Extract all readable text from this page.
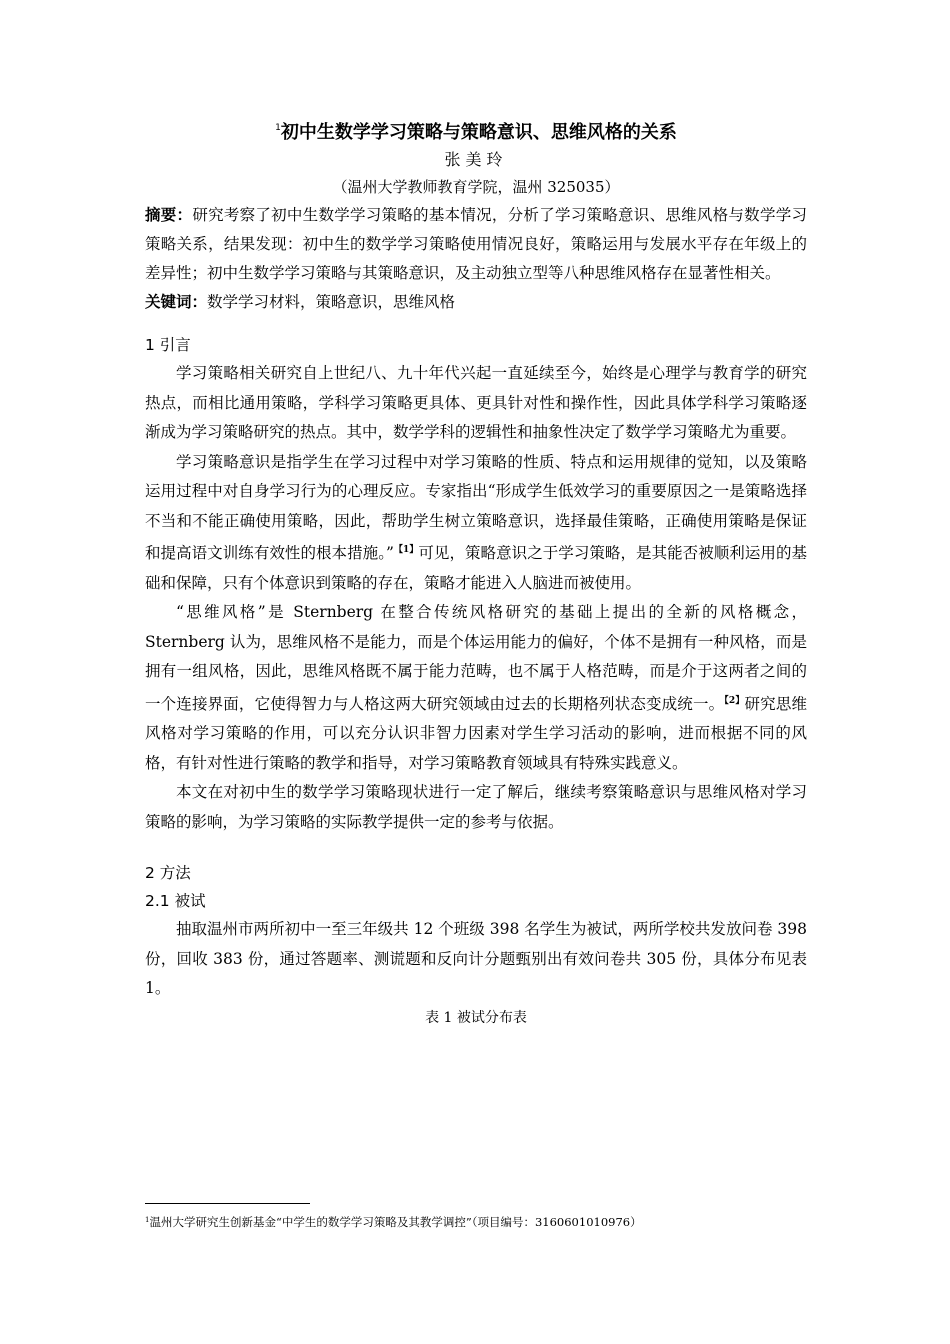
$^1$初中生数学学习策略与策略意识、思维风格的关系

张美玲

（温州大学教师教育学院，温州 325035）

摘要：研究考察了初中生数学学习策略的基本情况，分析了学习策略意识、思维风格与数学学习策略关系，结果发现：初中生的数学学习策略使用情况良好，策略运用与发展水平存在年级上的差异性；初中生数学学习策略与其策略意识，及主动独立型等八种思维风格存在显著性相关。

关键词：数学学习材料，策略意识，思维风格

1 引言

学习策略相关研究自上世纪八、九十年代兴起一直延续至今，始终是心理学与教育学的研究热点，而相比通用策略，学科学习策略更具体、更具针对性和操作性，因此具体学科学习策略逐渐成为学习策略研究的热点。其中，数学学科的逻辑性和抽象性决定了数学学习策略尤为重要。

学习策略意识是指学生在学习过程中对学习策略的性质、特点和运用规律的觉知，以及策略运用过程中对自身学习行为的心理反应。专家指出“形成学生低效学习的重要原因之一是策略选择不当和不能正确使用策略，因此，帮助学生树立策略意识，选择最佳策略，正确使用策略是保证和提高语文训练有效性的根本措施。”$^{【1】}$可见，策略意识之于学习策略，是其能否被顺利运用的基础和保障，只有个体意识到策略的存在，策略才能进入人脑进而被使用。

“思维风格”是 Sternberg 在整合传统风格研究的基础上提出的全新的风格概念，Sternberg 认为，思维风格不是能力，而是个体运用能力的偏好，个体不是拥有一种风格，而是拥有一组风格，因此，思维风格既不属于能力范畴，也不属于人格范畴，而是介于这两者之间的一个连接界面，它使得智力与人格这两大研究领域由过去的长期格列状态变成统一。$^{【2】}$研究思维风格对学习策略的作用，可以充分认识非智力因素对学生学习活动的影响，进而根据不同的风格，有针对性进行策略的教学和指导，对学习策略教育领域具有特殊实践意义。

本文在对初中生的数学学习策略现状进行一定了解后，继续考察策略意识与思维风格对学习策略的影响，为学习策略的实际教学提供一定的参考与依据。

2 方法

2.1 被试

抽取温州市两所初中一至三年级共 12 个班级 398 名学生为被试，两所学校共发放问卷 398 份，回收 383 份，通过答题率、测谎题和反向计分题甄别出有效问卷共 305 份，具体分布见表 1。

表 1 被试分布表

$^1$温州大学研究生创新基金“中学生的数学学习策略及其教学调控”（项目编号：3160601010976）
